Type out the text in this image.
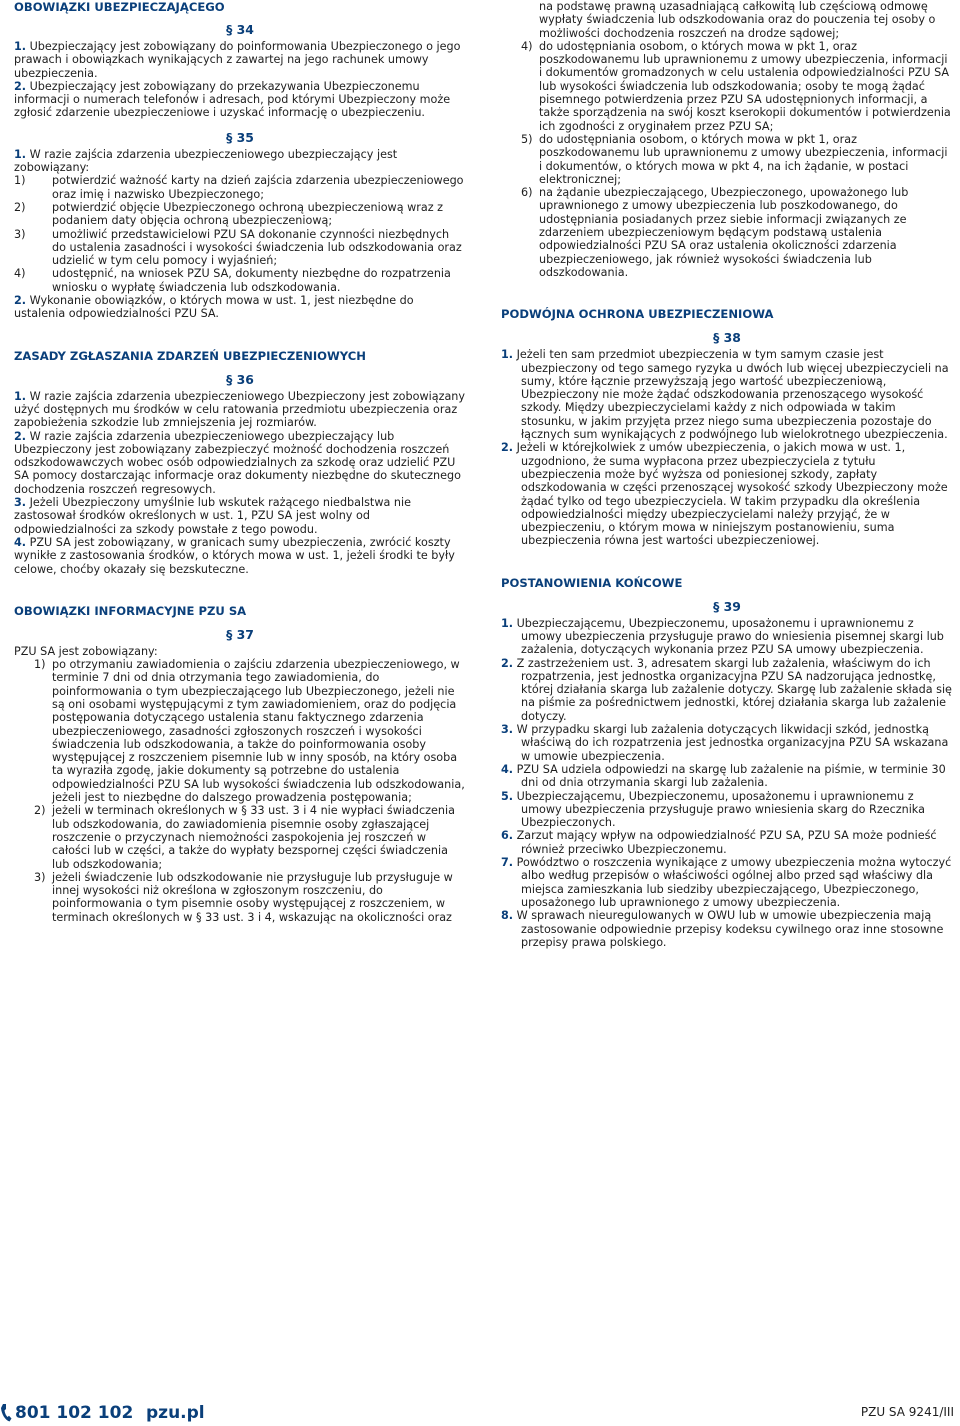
OBOWIĄZKI UBEZPIECZAJĄCEGO

§ 34

1. Ubezpieczający jest zobowiązany do poinformowania Ubezpieczonego o jego prawach i obowiązkach wynikających z zawartej na jego rachunek umowy ubezpieczenia.

2. Ubezpieczający jest zobowiązany do przekazywania Ubezpieczonemu informacji o numerach telefonów i adresach, pod którymi Ubezpieczony może zgłosić zdarzenie ubezpieczeniowe i uzyskać informację o ubezpieczeniu.

§ 35

1. W razie zajścia zdarzenia ubezpieczeniowego ubezpieczający jest zobowiązany:

1) potwierdzić ważność karty na dzień zajścia zdarzenia ubezpieczeniowego oraz imię i nazwisko Ubezpieczonego;

2) potwierdzić objęcie Ubezpieczonego ochroną ubezpieczeniową wraz z podaniem daty objęcia ochroną ubezpieczeniową;

3) umożliwić przedstawicielowi PZU SA dokonanie czynności niezbędnych do ustalenia zasadności i wysokości świadczenia lub odszkodowania oraz udzielić w tym celu pomocy i wyjaśnień;

4) udostępnić, na wniosek PZU SA, dokumenty niezbędne do rozpatrzenia wniosku o wypłatę świadczenia lub odszkodowania.

2. Wykonanie obowiązków, o których mowa w ust. 1, jest niezbędne do ustalenia odpowiedzialności PZU SA.

ZASADY ZGŁASZANIA ZDARZEŃ UBEZPIECZENIOWYCH

§ 36

1. W razie zajścia zdarzenia ubezpieczeniowego Ubezpieczony jest zobowiązany użyć dostępnych mu środków w celu ratowania przedmiotu ubezpieczenia oraz zapobieżenia szkodzie lub zmniejszenia jej rozmiarów.

2. W razie zajścia zdarzenia ubezpieczeniowego ubezpieczający lub Ubezpieczony jest zobowiązany zabezpieczyć możność dochodzenia roszczeń odszkodowawczych wobec osób odpowiedzialnych za szkodę oraz udzielić PZU SA pomocy dostarczając informacje oraz dokumenty niezbędne do skutecznego dochodzenia roszczeń regresowych.

3. Jeżeli Ubezpieczony umyślnie lub wskutek rażącego niedbalstwa nie zastosował środków określonych w ust. 1, PZU SA jest wolny od odpowiedzialności za szkody powstałe z tego powodu.

4. PZU SA jest zobowiązany, w granicach sumy ubezpieczenia, zwrócić koszty wynikłe z zastosowania środków, o których mowa w ust. 1, jeżeli środki te były celowe, choćby okazały się bezskuteczne.

OBOWIĄZKI INFORMACYJNE PZU SA

§ 37

PZU SA jest zobowiązany:

1) po otrzymaniu zawiadomienia o zajściu zdarzenia ubezpieczeniowego, w terminie 7 dni od dnia otrzymania tego zawiadomienia, do poinformowania o tym ubezpieczającego lub Ubezpieczonego, jeżeli nie są oni osobami występującymi z tym zawiadomieniem, oraz do podjęcia postępowania dotyczącego ustalenia stanu faktycznego zdarzenia ubezpieczeniowego, zasadności zgłoszonych roszczeń i wysokości świadczenia lub odszkodowania, a także do poinformowania osoby występującej z roszczeniem pisemnie lub w inny sposób, na który osoba ta wyraziła zgodę, jakie dokumenty są potrzebne do ustalenia odpowiedzialności PZU SA lub wysokości świadczenia lub odszkodowania, jeżeli jest to niezbędne do dalszego prowadzenia postępowania;

2) jeżeli w terminach określonych w § 33 ust. 3 i 4 nie wypłaci świadczenia lub odszkodowania, do zawiadomienia pisemnie osoby zgłaszającej roszczenie o przyczynach niemożności zaspokojenia jej roszczeń w całości lub w części, a także do wypłaty bezspornej części świadczenia lub odszkodowania;

3) jeżeli świadczenie lub odszkodowanie nie przysługuje lub przysługuje w innej wysokości niż określona w zgłoszonym roszczeniu, do poinformowania o tym pisemnie osoby występującej z roszczeniem, w terminach określonych w § 33 ust. 3 i 4, wskazując na okoliczności oraz

na podstawę prawną uzasadniającą całkowitą lub częściową odmowę wypłaty świadczenia lub odszkodowania oraz do pouczenia tej osoby o możliwości dochodzenia roszczeń na drodze sądowej;

4) do udostępniania osobom, o których mowa w pkt 1, oraz poszkodowanemu lub uprawnionemu z umowy ubezpieczenia, informacji i dokumentów gromadzonych w celu ustalenia odpowiedzialności PZU SA lub wysokości świadczenia lub odszkodowania; osoby te mogą żądać pisemnego potwierdzenia przez PZU SA udostępnionych informacji, a także sporządzenia na swój koszt kserokopii dokumentów i potwierdzenia ich zgodności z oryginałem przez PZU SA;

5) do udostępniania osobom, o których mowa w pkt 1, oraz poszkodowanemu lub uprawnionemu z umowy ubezpieczenia, informacji i dokumentów, o których mowa w pkt 4, na ich żądanie, w postaci elektronicznej;

6) na żądanie ubezpieczającego, Ubezpieczonego, upoważonego lub uprawnionego z umowy ubezpieczenia lub poszkodowanego, do udostępniania posiadanych przez siebie informacji związanych ze zdarzeniem ubezpieczeniowym będącym podstawą ustalenia odpowiedzialności PZU SA oraz ustalenia okoliczności zdarzenia ubezpieczeniowego, jak również wysokości świadczenia lub odszkodowania.

PODWÓJNA OCHRONA UBEZPIECZENIOWA

§ 38

1. Jeżeli ten sam przedmiot ubezpieczenia w tym samym czasie jest ubezpieczony od tego samego ryzyka u dwóch lub więcej ubezpieczycieli na sumy, które łącznie przewyższają jego wartość ubezpieczeniową, Ubezpieczony nie może żądać odszkodowania przenoszącego wysokość szkody. Między ubezpieczycielami każdy z nich odpowiada w takim stosunku, w jakim przyjęta przez niego suma ubezpieczenia pozostaje do łącznych sum wynikających z podwójnego lub wielokrotnego ubezpieczenia.

2. Jeżeli w którejkolwiek z umów ubezpieczenia, o jakich mowa w ust. 1, uzgodniono, że suma wypłacona przez ubezpieczyciela z tytułu ubezpieczenia może być wyższa od poniesionej szkody, zapłaty odszkodowania w części przenoszącej wysokość szkody Ubezpieczony może żądać tylko od tego ubezpieczyciela. W takim przypadku dla określenia odpowiedzialności między ubezpieczycielami należy przyjąć, że w ubezpieczeniu, o którym mowa w niniejszym postanowieniu, suma ubezpieczenia równa jest wartości ubezpieczeniowej.

POSTANOWIENIA KOŃCOWE

§ 39

1. Ubezpieczającemu, Ubezpieczonemu, uposażonemu i uprawnionemu z umowy ubezpieczenia przysługuje prawo do wniesienia pisemnej skargi lub zażalenia, dotyczących wykonania przez PZU SA umowy ubezpieczenia.

2. Z zastrzeżeniem ust. 3, adresatem skargi lub zażalenia, właściwym do ich rozpatrzenia, jest jednostka organizacyjna PZU SA nadzorująca jednostkę, której działania skarga lub zażalenie dotyczy. Skargę lub zażalenie składa się na piśmie za pośrednictwem jednostki, której działania skarga lub zażalenie dotyczy.

3. W przypadku skargi lub zażalenia dotyczących likwidacji szkód, jednostką właściwą do ich rozpatrzenia jest jednostka organizacyjna PZU SA wskazana w umowie ubezpieczenia.

4. PZU SA udziela odpowiedzi na skargę lub zażalenie na piśmie, w terminie 30 dni od dnia otrzymania skargi lub zażalenia.

5. Ubezpieczającemu, Ubezpieczonemu, uposażonemu i uprawnionemu z umowy ubezpieczenia przysługuje prawo wniesienia skarg do Rzecznika Ubezpieczonych.

6. Zarzut mający wpływ na odpowiedzialność PZU SA, PZU SA może podnieść również przeciwko Ubezpieczonemu.

7. Powództwo o roszczenia wynikające z umowy ubezpieczenia można wytoczyć albo według przepisów o właściwości ogólnej albo przed sąd właściwy dla miejsca zamieszkania lub siedziby ubezpieczającego, Ubezpieczonego, uposażonego lub uprawnionego z umowy ubezpieczenia.

8. W sprawach nieuregulowanych w OWU lub w umowie ubezpieczenia mają zastosowanie odpowiednie przepisy kodeksu cywilnego oraz inne stosowne przepisy prawa polskiego.

801 102 102 pzu.pl	PZU SA 9241/III
